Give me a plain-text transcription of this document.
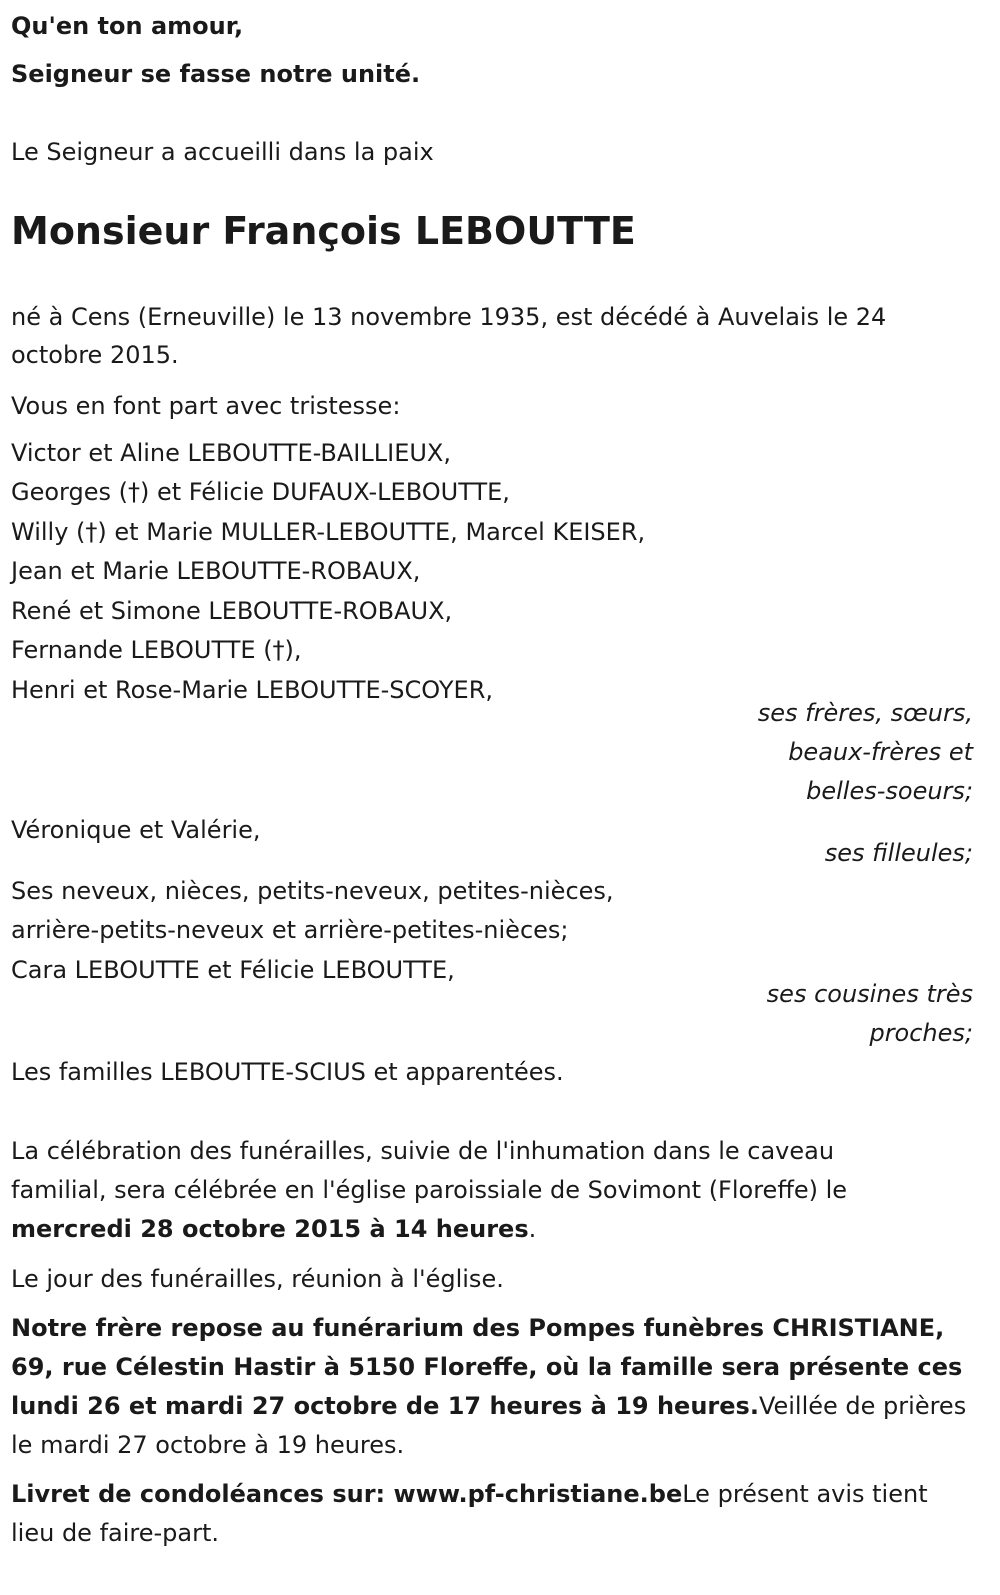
Qu'en ton amour,

Seigneur se fasse notre unité.

Le Seigneur a accueilli dans la paix

Monsieur François LEBOUTTE

né à Cens (Erneuville) le 13 novembre 1935, est décédé à Auvelais le 24

octobre 2015.

Vous en font part avec tristesse:

Victor et Aline LEBOUTTE-BAILLIEUX,

Georges (†) et Félicie DUFAUX-LEBOUTTE,

Willy (†) et Marie MULLER-LEBOUTTE, Marcel KEISER,

Jean et Marie LEBOUTTE-ROBAUX,

René et Simone LEBOUTTE-ROBAUX,

Fernande LEBOUTTE (†),

Henri et Rose-Marie LEBOUTTE-SCOYER,

ses frères, sœurs,

beaux-frères et

belles-soeurs;

Véronique et Valérie,

ses filleules;

Ses neveux, nièces, petits-neveux, petites-nièces,

arrière-petits-neveux et arrière-petites-nièces;

Cara LEBOUTTE et Félicie LEBOUTTE,

ses cousines très

proches;

Les familles LEBOUTTE-SCIUS et apparentées.

La célébration des funérailles, suivie de l'inhumation dans le caveau

familial, sera célébrée en l'église paroissiale de Sovimont (Floreffe) le

mercredi 28 octobre 2015 à 14 heures.

Le jour des funérailles, réunion à l'église.

Notre frère repose au funérarium des Pompes funèbres CHRISTIANE,

69, rue Célestin Hastir à 5150 Floreffe, où la famille sera présente ces

lundi 26 et mardi 27 octobre de 17 heures à 19 heures.Veillée de prières

le mardi 27 octobre à 19 heures.

Livret de condoléances sur: www.pf-christiane.beLe présent avis tient

lieu de faire-part.
